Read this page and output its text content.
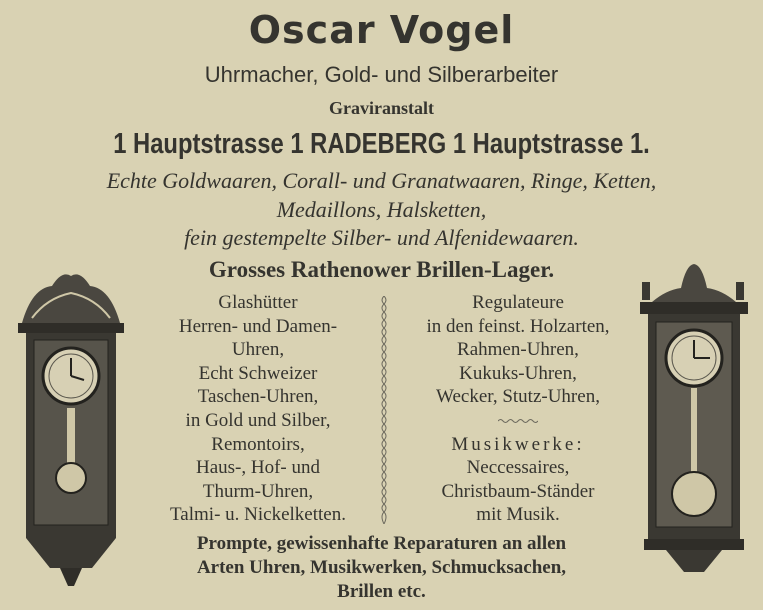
Oscar Vogel
Uhrmacher, Gold- und Silberarbeiter
Graviranstalt
1 Hauptstrasse 1 RADEBERG 1 Hauptstrasse 1.
Echte Goldwaaren, Corall- und Granatwaaren, Ringe, Ketten,
Medaillons, Halsketten,
fein gestempelte Silber- und Alfenidewaaren.
Grosses Rathenower Brillen-Lager.
Glashütter
Herren- und Damen-
Uhren,
Echt Schweizer
Taschen-Uhren,
in Gold und Silber,
Remontoirs,
Haus-, Hof- und
Thurm-Uhren,
Talmi- u. Nickelketten.
Regulateure
in den feinst. Holzarten,
Rahmen-Uhren,
Kukuks-Uhren,
Wecker, Stutz-Uhren,
Musikwerke:
Neccessaires,
Christbaum-Ständer
mit Musik.
Prompte, gewissenhafte Reparaturen an allen
Arten Uhren, Musikwerken, Schmucksachen,
Brillen etc.
